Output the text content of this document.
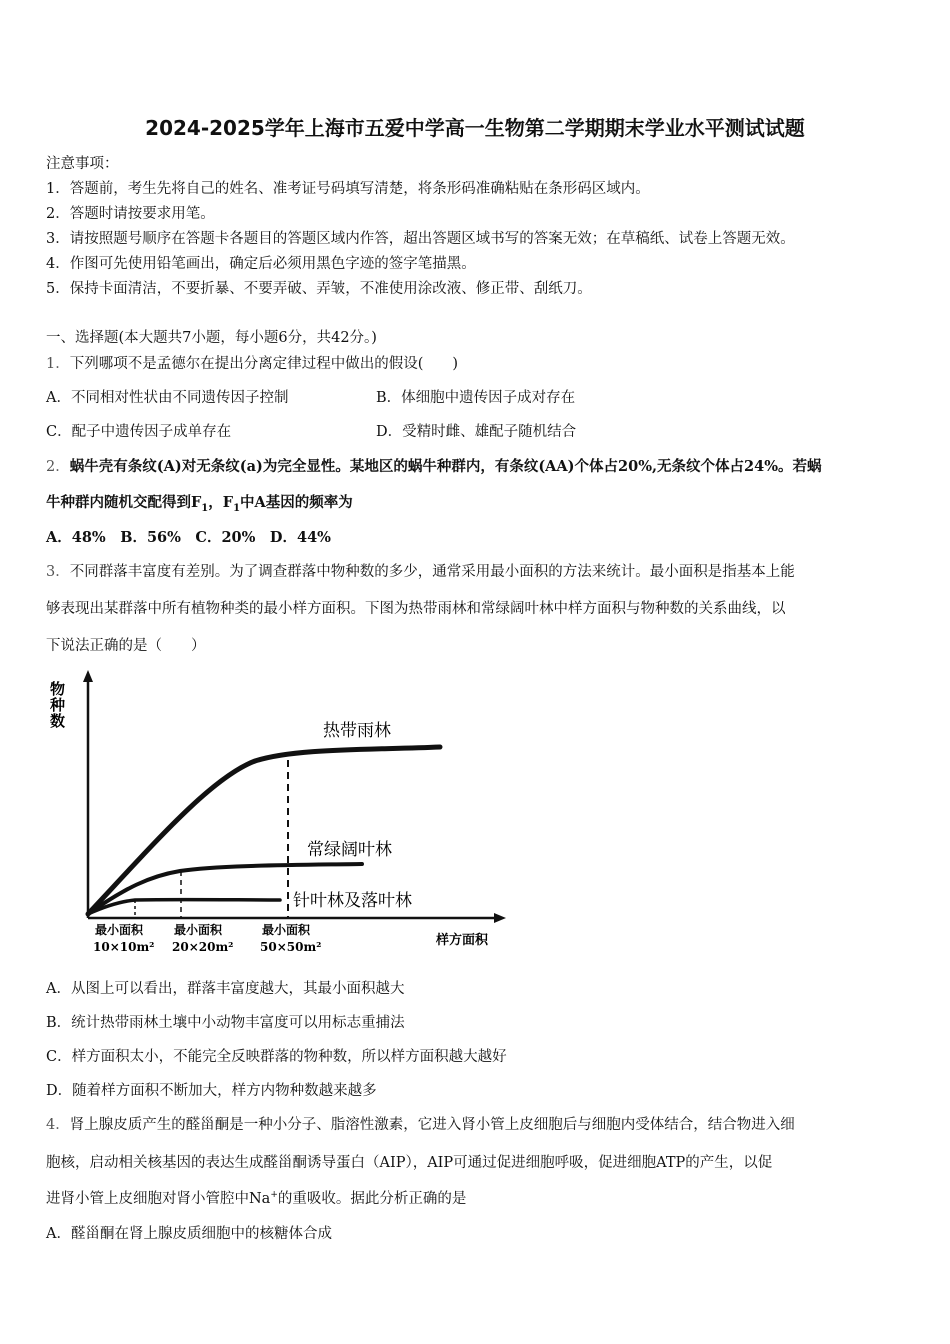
2024-2025学年上海市五爱中学高一生物第二学期期末学业水平测试试题
注意事项：
1．答题前，考生先将自己的姓名、准考证号码填写清楚，将条形码准确粘贴在条形码区域内。
2．答题时请按要求用笔。
3．请按照题号顺序在答题卡各题目的答题区域内作答，超出答题区域书写的答案无效；在草稿纸、试卷上答题无效。
4．作图可先使用铅笔画出，确定后必须用黑色字迹的签字笔描黑。
5．保持卡面清洁，不要折暴、不要弄破、弄皱，不准使用涂改液、修正带、刮纸刀。
一、选择题(本大题共7小题，每小题6分，共42分。)
1．下列哪项不是孟德尔在提出分离定律过程中做出的假设(　　)
A．不同相对性状由不同遗传因子控制	B．体细胞中遗传因子成对存在
C．配子中遗传因子成单存在	D．受精时雌、雄配子随机结合
2．蜗牛壳有条纹(A)对无条纹(a)为完全显性。某地区的蜗牛种群内，有条纹(AA)个体占20%,无条纹个体占24%。若蜗
牛种群内随机交配得到$F_1$，$F_1$中A基因的频率为
A．48%　B．56%　C．20%　D．44%
3．不同群落丰富度有差别。为了调查群落中物种数的多少，通常采用最小面积的方法来统计。最小面积是指基本上能
够表现出某群落中所有植物种类的最小样方面积。下图为热带雨林和常绿阔叶林中样方面积与物种数的关系曲线，以
下说法正确的是（　　）
物
种
数	热带雨林
常绿阔叶林
针叶林及落叶林
最小面积
10×10m²
最小面积
20×20m²
最小面积
50×50m²	样方面积
A．从图上可以看出，群落丰富度越大，其最小面积越大
B．统计热带雨林土壤中小动物丰富度可以用标志重捕法
C．样方面积太小，不能完全反映群落的物种数，所以样方面积越大越好
D．随着样方面积不断加大，样方内物种数越来越多
4．肾上腺皮质产生的醛甾酮是一种小分子、脂溶性激素，它进入肾小管上皮细胞后与细胞内受体结合，结合物进入细
胞核，启动相关核基因的表达生成醛甾酮诱导蛋白（AIP），AIP可通过促进细胞呼吸，促进细胞ATP的产生，以促
进肾小管上皮细胞对肾小管腔中Na+的重吸收。据此分析正确的是
A．醛甾酮在肾上腺皮质细胞中的核糖体合成
